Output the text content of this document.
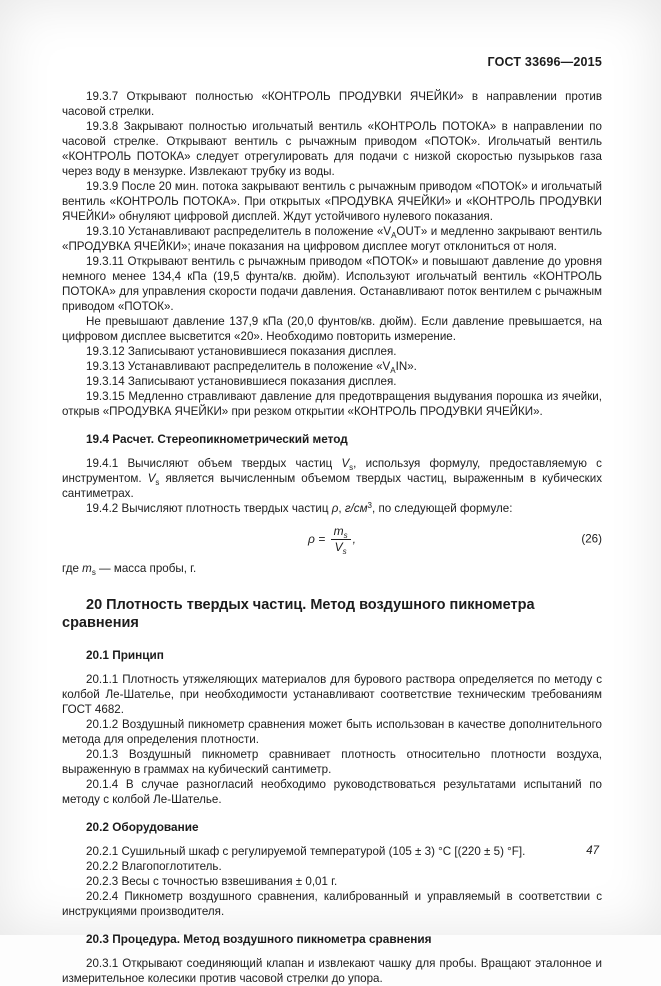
ГОСТ 33696—2015
19.3.7 Открывают полностью «КОНТРОЛЬ ПРОДУВКИ ЯЧЕЙКИ» в направлении против часовой стрелки.
19.3.8 Закрывают полностью игольчатый вентиль «КОНТРОЛЬ ПОТОКА» в направлении по часовой стрелке. Открывают вентиль с рычажным приводом «ПОТОК». Игольчатый вентиль «КОНТРОЛЬ ПОТОКА» следует отрегулировать для подачи с низкой скоростью пузырьков газа через воду в мензурке. Извлекают трубку из воды.
19.3.9 После 20 мин. потока закрывают вентиль с рычажным приводом «ПОТОК» и игольчатый вентиль «КОНТРОЛЬ ПОТОКА». При открытых «ПРОДУВКА ЯЧЕЙКИ» и «КОНТРОЛЬ ПРОДУВКИ ЯЧЕЙКИ» обнуляют цифровой дисплей. Ждут устойчивого нулевого показания.
19.3.10 Устанавливают распределитель в положение «$V_AOUT$» и медленно закрывают вентиль «ПРОДУВКА ЯЧЕЙКИ»; иначе показания на цифровом дисплее могут отклониться от ноля.
19.3.11 Открывают вентиль с рычажным приводом «ПОТОК» и повышают давление до уровня немного менее 134,4 кПа (19,5 фунта/кв. дюйм). Используют игольчатый вентиль «КОНТРОЛЬ ПОТОКА» для управления скорости подачи давления. Останавливают поток вентилем с рычажным приводом «ПОТОК».
Не превышают давление 137,9 кПа (20,0 фунтов/кв. дюйм). Если давление превышается, на цифровом дисплее высветится «20». Необходимо повторить измерение.
19.3.12 Записывают установившиеся показания дисплея.
19.3.13 Устанавливают распределитель в положение «$V_AIN$».
19.3.14 Записывают установившиеся показания дисплея.
19.3.15 Медленно стравливают давление для предотвращения выдувания порошка из ячейки, открыв «ПРОДУВКА ЯЧЕЙКИ» при резком открытии «КОНТРОЛЬ ПРОДУВКИ ЯЧЕЙКИ».
19.4 Расчет. Стереопикнометрический метод
19.4.1 Вычисляют объем твердых частиц $V_s$, используя формулу, предоставляемую с инструментом. $V_s$ является вычисленным объемом твердых частиц, выраженным в кубических сантиметрах.
19.4.2 Вычисляют плотность твердых частиц ρ, $г/см^3$, по следующей формуле:
$\rho = \frac{m_s}{V_s}$ ,	(26)
где $m_s$ — масса пробы, г.
20 Плотность твердых частиц. Метод воздушного пикнометра сравнения
20.1 Принцип
20.1.1 Плотность утяжеляющих материалов для бурового раствора определяется по методу с колбой Ле-Шателье, при необходимости устанавливают соответствие техническим требованиям ГОСТ 4682.
20.1.2 Воздушный пикнометр сравнения может быть использован в качестве дополнительного метода для определения плотности.
20.1.3 Воздушный пикнометр сравнивает плотность относительно плотности воздуха, выраженную в граммах на кубический сантиметр.
20.1.4 В случае разногласий необходимо руководствоваться результатами испытаний по методу с колбой Ле-Шателье.
20.2 Оборудование
20.2.1 Сушильный шкаф с регулируемой температурой (105 ± 3) °C [(220 ± 5) °F].
20.2.2 Влагопоглотитель.
20.2.3 Весы с точностью взвешивания ± 0,01 г.
20.2.4 Пикнометр воздушного сравнения, калиброванный и управляемый в соответствии с инструкциями производителя.
20.3 Процедура. Метод воздушного пикнометра сравнения
20.3.1 Открывают соединяющий клапан и извлекают чашку для пробы. Вращают эталонное и измерительное колесики против часовой стрелки до упора.
47
